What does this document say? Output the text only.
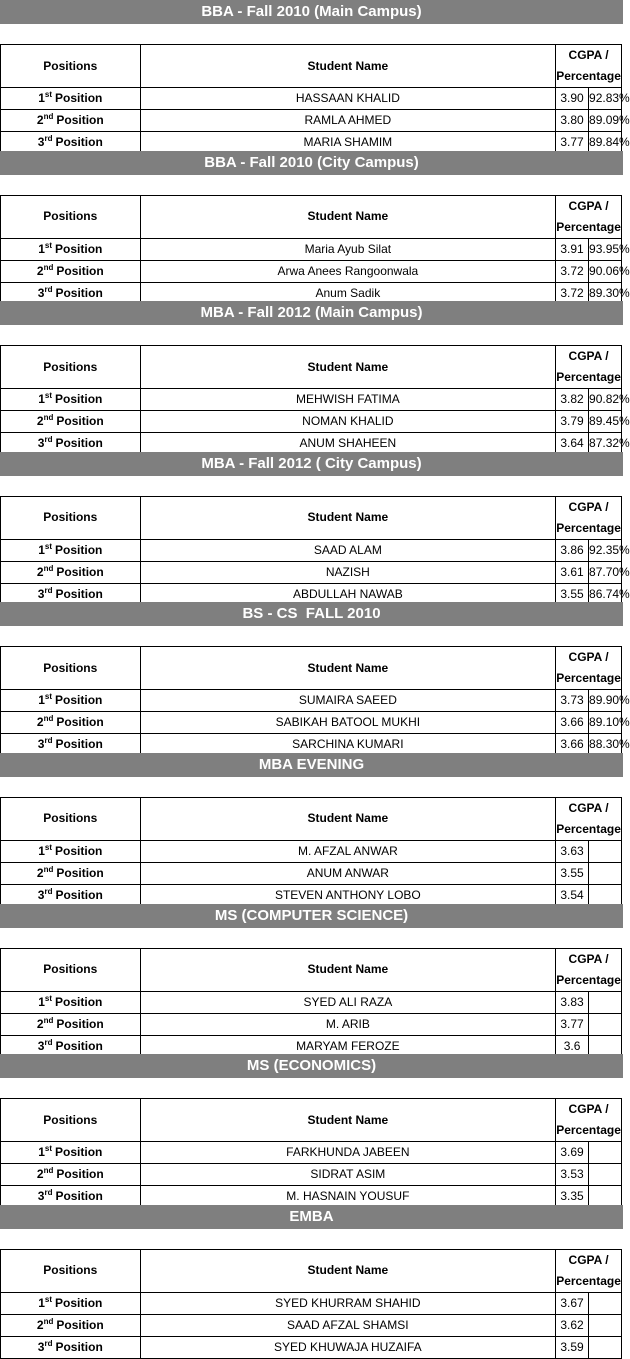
BBA - Fall 2010 (Main Campus)
Positions	Student Name	CGPA / Percentage	
1st Position	HASSAAN KHALID	3.90	92.83%
2nd Position	RAMLA AHMED	3.80	89.09%
3rd Position	MARIA SHAMIM	3.77	89.84%
BBA - Fall 2010 (City Campus)
Positions	Student Name	CGPA / Percentage	
1st Position	Maria Ayub Silat	3.91	93.95%
2nd Position	Arwa Anees Rangoonwala	3.72	90.06%
3rd Position	Anum Sadik	3.72	89.30%
MBA - Fall 2012 (Main Campus)
Positions	Student Name	CGPA / Percentage	
1st Position	MEHWISH FATIMA	3.82	90.82%
2nd Position	NOMAN KHALID	3.79	89.45%
3rd Position	ANUM SHAHEEN	3.64	87.32%
MBA - Fall 2012 ( City Campus)
Positions	Student Name	CGPA / Percentage	
1st Position	SAAD ALAM	3.86	92.35%
2nd Position	NAZISH	3.61	87.70%
3rd Position	ABDULLAH NAWAB	3.55	86.74%
BS - CS  FALL 2010
Positions	Student Name	CGPA / Percentage	
1st Position	SUMAIRA SAEED	3.73	89.90%
2nd Position	SABIKAH BATOOL MUKHI	3.66	89.10%
3rd Position	SARCHINA KUMARI	3.66	88.30%
MBA EVENING
Positions	Student Name	CGPA / Percentage	
1st Position	M. AFZAL ANWAR	3.63	
2nd Position	ANUM ANWAR	3.55	
3rd Position	STEVEN ANTHONY LOBO	3.54	
MS (COMPUTER SCIENCE)
Positions	Student Name	CGPA / Percentage	
1st Position	SYED ALI RAZA	3.83	
2nd Position	M. ARIB	3.77	
3rd Position	MARYAM FEROZE	3.6	
MS (ECONOMICS)
Positions	Student Name	CGPA / Percentage	
1st Position	FARKHUNDA JABEEN	3.69	
2nd Position	SIDRAT ASIM	3.53	
3rd Position	M. HASNAIN YOUSUF	3.35	
EMBA
Positions	Student Name	CGPA / Percentage	
1st Position	SYED KHURRAM SHAHID	3.67	
2nd Position	SAAD AFZAL SHAMSI	3.62	
3rd Position	SYED KHUWAJA HUZAIFA	3.59	
